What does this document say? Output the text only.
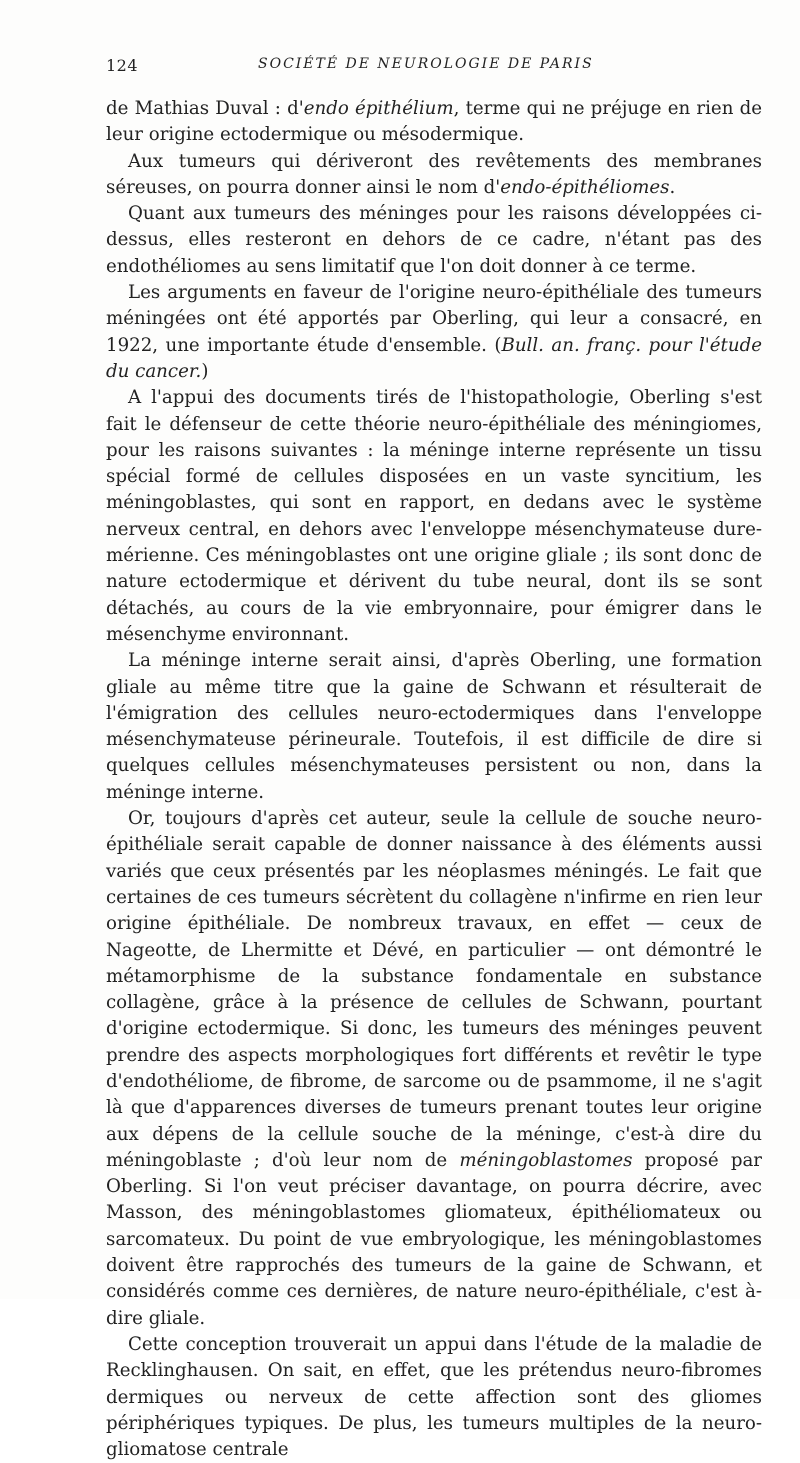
124	SOCIÉTÉ DE NEUROLOGIE DE PARIS

de Mathias Duval : d'endo épithélium, terme qui ne préjuge en rien de leur origine ectodermique ou mésodermique.

Aux tumeurs qui dériveront des revêtements des membranes séreuses, on pourra donner ainsi le nom d'endo-épithéliomes.

Quant aux tumeurs des méninges pour les raisons développées ci-dessus, elles resteront en dehors de ce cadre, n'étant pas des endothéliomes au sens limitatif que l'on doit donner à ce terme.

Les arguments en faveur de l'origine neuro-épithéliale des tumeurs méningées ont été apportés par Oberling, qui leur a consacré, en 1922, une importante étude d'ensemble. (Bull. an. franç. pour l'étude du cancer.)

A l'appui des documents tirés de l'histopathologie, Oberling s'est fait le défenseur de cette théorie neuro-épithéliale des méningiomes, pour les raisons suivantes : la méninge interne représente un tissu spécial formé de cellules disposées en un vaste syncitium, les méningoblastes, qui sont en rapport, en dedans avec le système nerveux central, en dehors avec l'enveloppe mésenchymateuse dure-mérienne. Ces méningoblastes ont une origine gliale ; ils sont donc de nature ectodermique et dérivent du tube neural, dont ils se sont détachés, au cours de la vie embryonnaire, pour émigrer dans le mésenchyme environnant.

La méninge interne serait ainsi, d'après Oberling, une formation gliale au même titre que la gaine de Schwann et résulterait de l'émigration des cellules neuro-ectodermiques dans l'enveloppe mésenchymateuse périneurale. Toutefois, il est difficile de dire si quelques cellules mésenchymateuses persistent ou non, dans la méninge interne.

Or, toujours d'après cet auteur, seule la cellule de souche neuro-épithéliale serait capable de donner naissance à des éléments aussi variés que ceux présentés par les néoplasmes méningés. Le fait que certaines de ces tumeurs sécrètent du collagène n'infirme en rien leur origine épithéliale. De nombreux travaux, en effet — ceux de Nageotte, de Lhermitte et Dévé, en particulier — ont démontré le métamorphisme de la substance fondamentale en substance collagène, grâce à la présence de cellules de Schwann, pourtant d'origine ectodermique. Si donc, les tumeurs des méninges peuvent prendre des aspects morphologiques fort différents et revêtir le type d'endothéliome, de fibrome, de sarcome ou de psammome, il ne s'agit là que d'apparences diverses de tumeurs prenant toutes leur origine aux dépens de la cellule souche de la méninge, c'est-à dire du méningoblaste ; d'où leur nom de méningoblastomes proposé par Oberling. Si l'on veut préciser davantage, on pourra décrire, avec Masson, des méningoblastomes gliomateux, épithéliomateux ou sarcomateux. Du point de vue embryologique, les méningoblastomes doivent être rapprochés des tumeurs de la gaine de Schwann, et considérés comme ces dernières, de nature neuro-épithéliale, c'est à-dire gliale.

Cette conception trouverait un appui dans l'étude de la maladie de Recklinghausen. On sait, en effet, que les prétendus neuro-fibromes dermiques ou nerveux de cette affection sont des gliomes périphériques typiques. De plus, les tumeurs multiples de la neuro-gliomatose centrale
